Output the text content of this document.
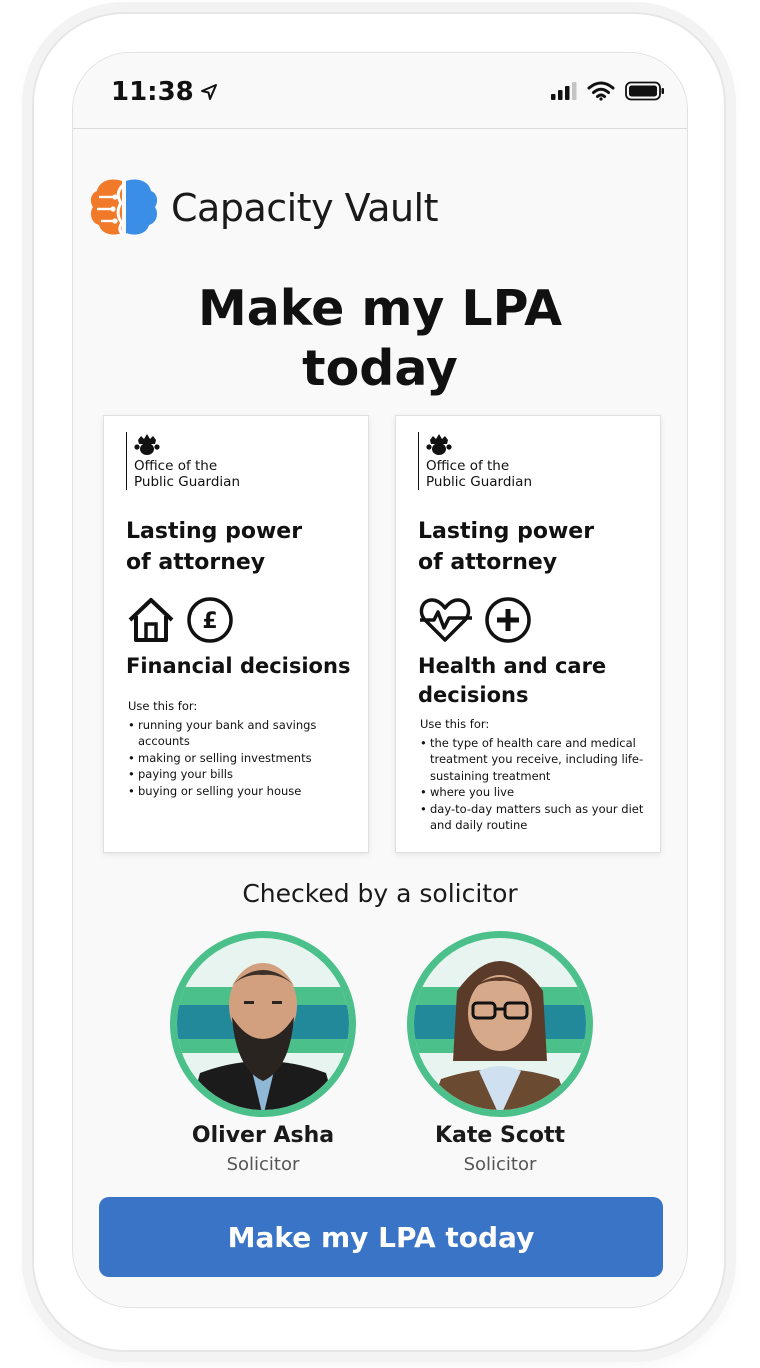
11:38
Capacity Vault
Make my LPA
today
Office of the
Public Guardian
Lasting power
of attorney
£
Financial decisions
Use this for:
• running your bank and savings accounts
• making or selling investments
• paying your bills
• buying or selling your house
Office of the
Public Guardian
Lasting power
of attorney
Health and care
decisions
Use this for:
• the type of health care and medical treatment you receive, including life-sustaining treatment
• where you live
• day-to-day matters such as your diet and daily routine
Checked by a solicitor
Oliver Asha
Solicitor
Kate Scott
Solicitor
Make my LPA today
